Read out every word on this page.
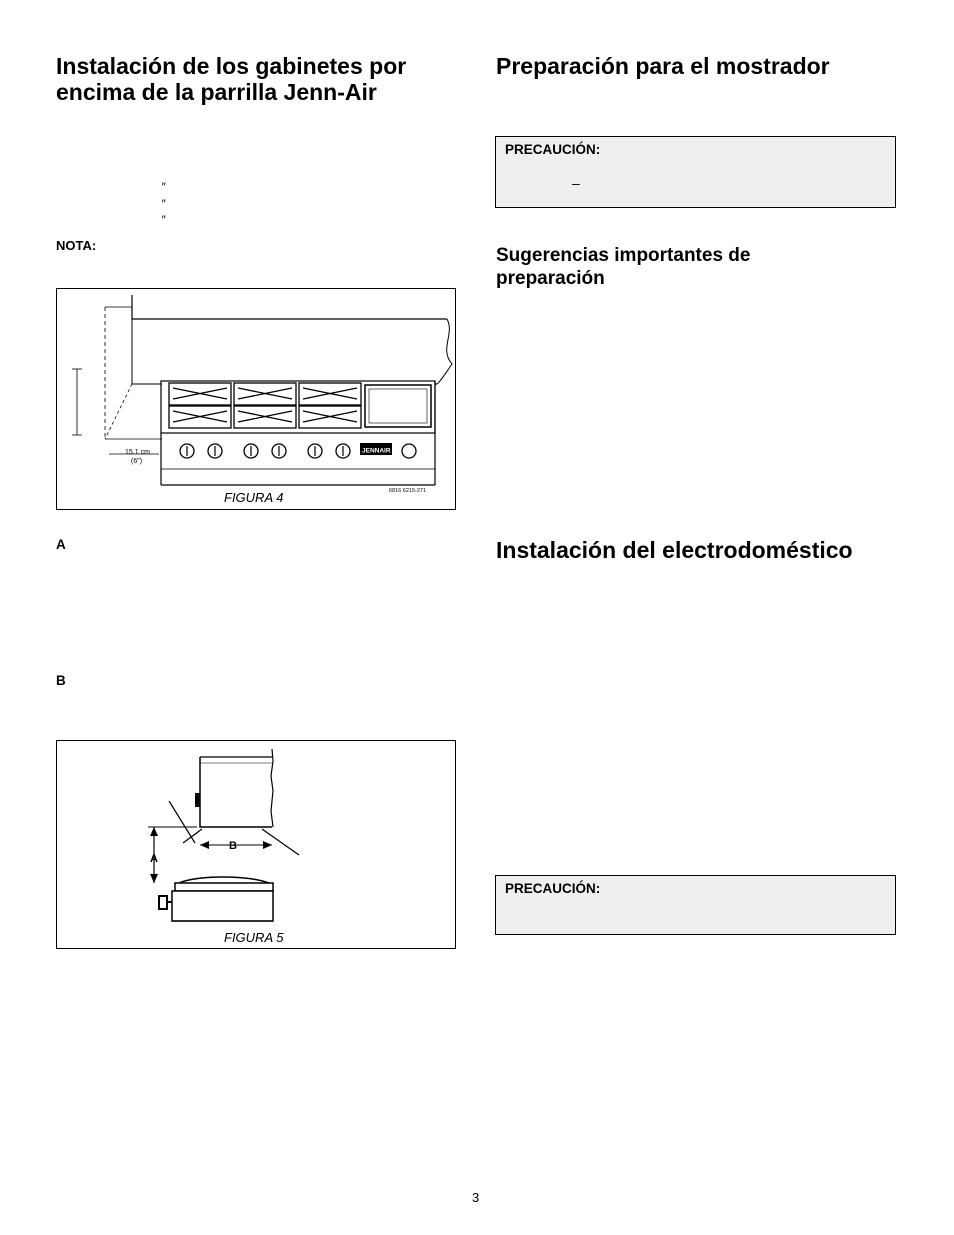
Instalación de los gabinetes por
encima de la parrilla Jenn-Air
″
″
″
NOTA:
15.1 cm
(6")
JENNAIR
6816 6215-271
FIGURA 4
A
B
A
B
FIGURA 5
Preparación para el mostrador
PRECAUCIÓN:
–
Sugerencias importantes de
preparación
Instalación del electrodoméstico
PRECAUCIÓN:
3
